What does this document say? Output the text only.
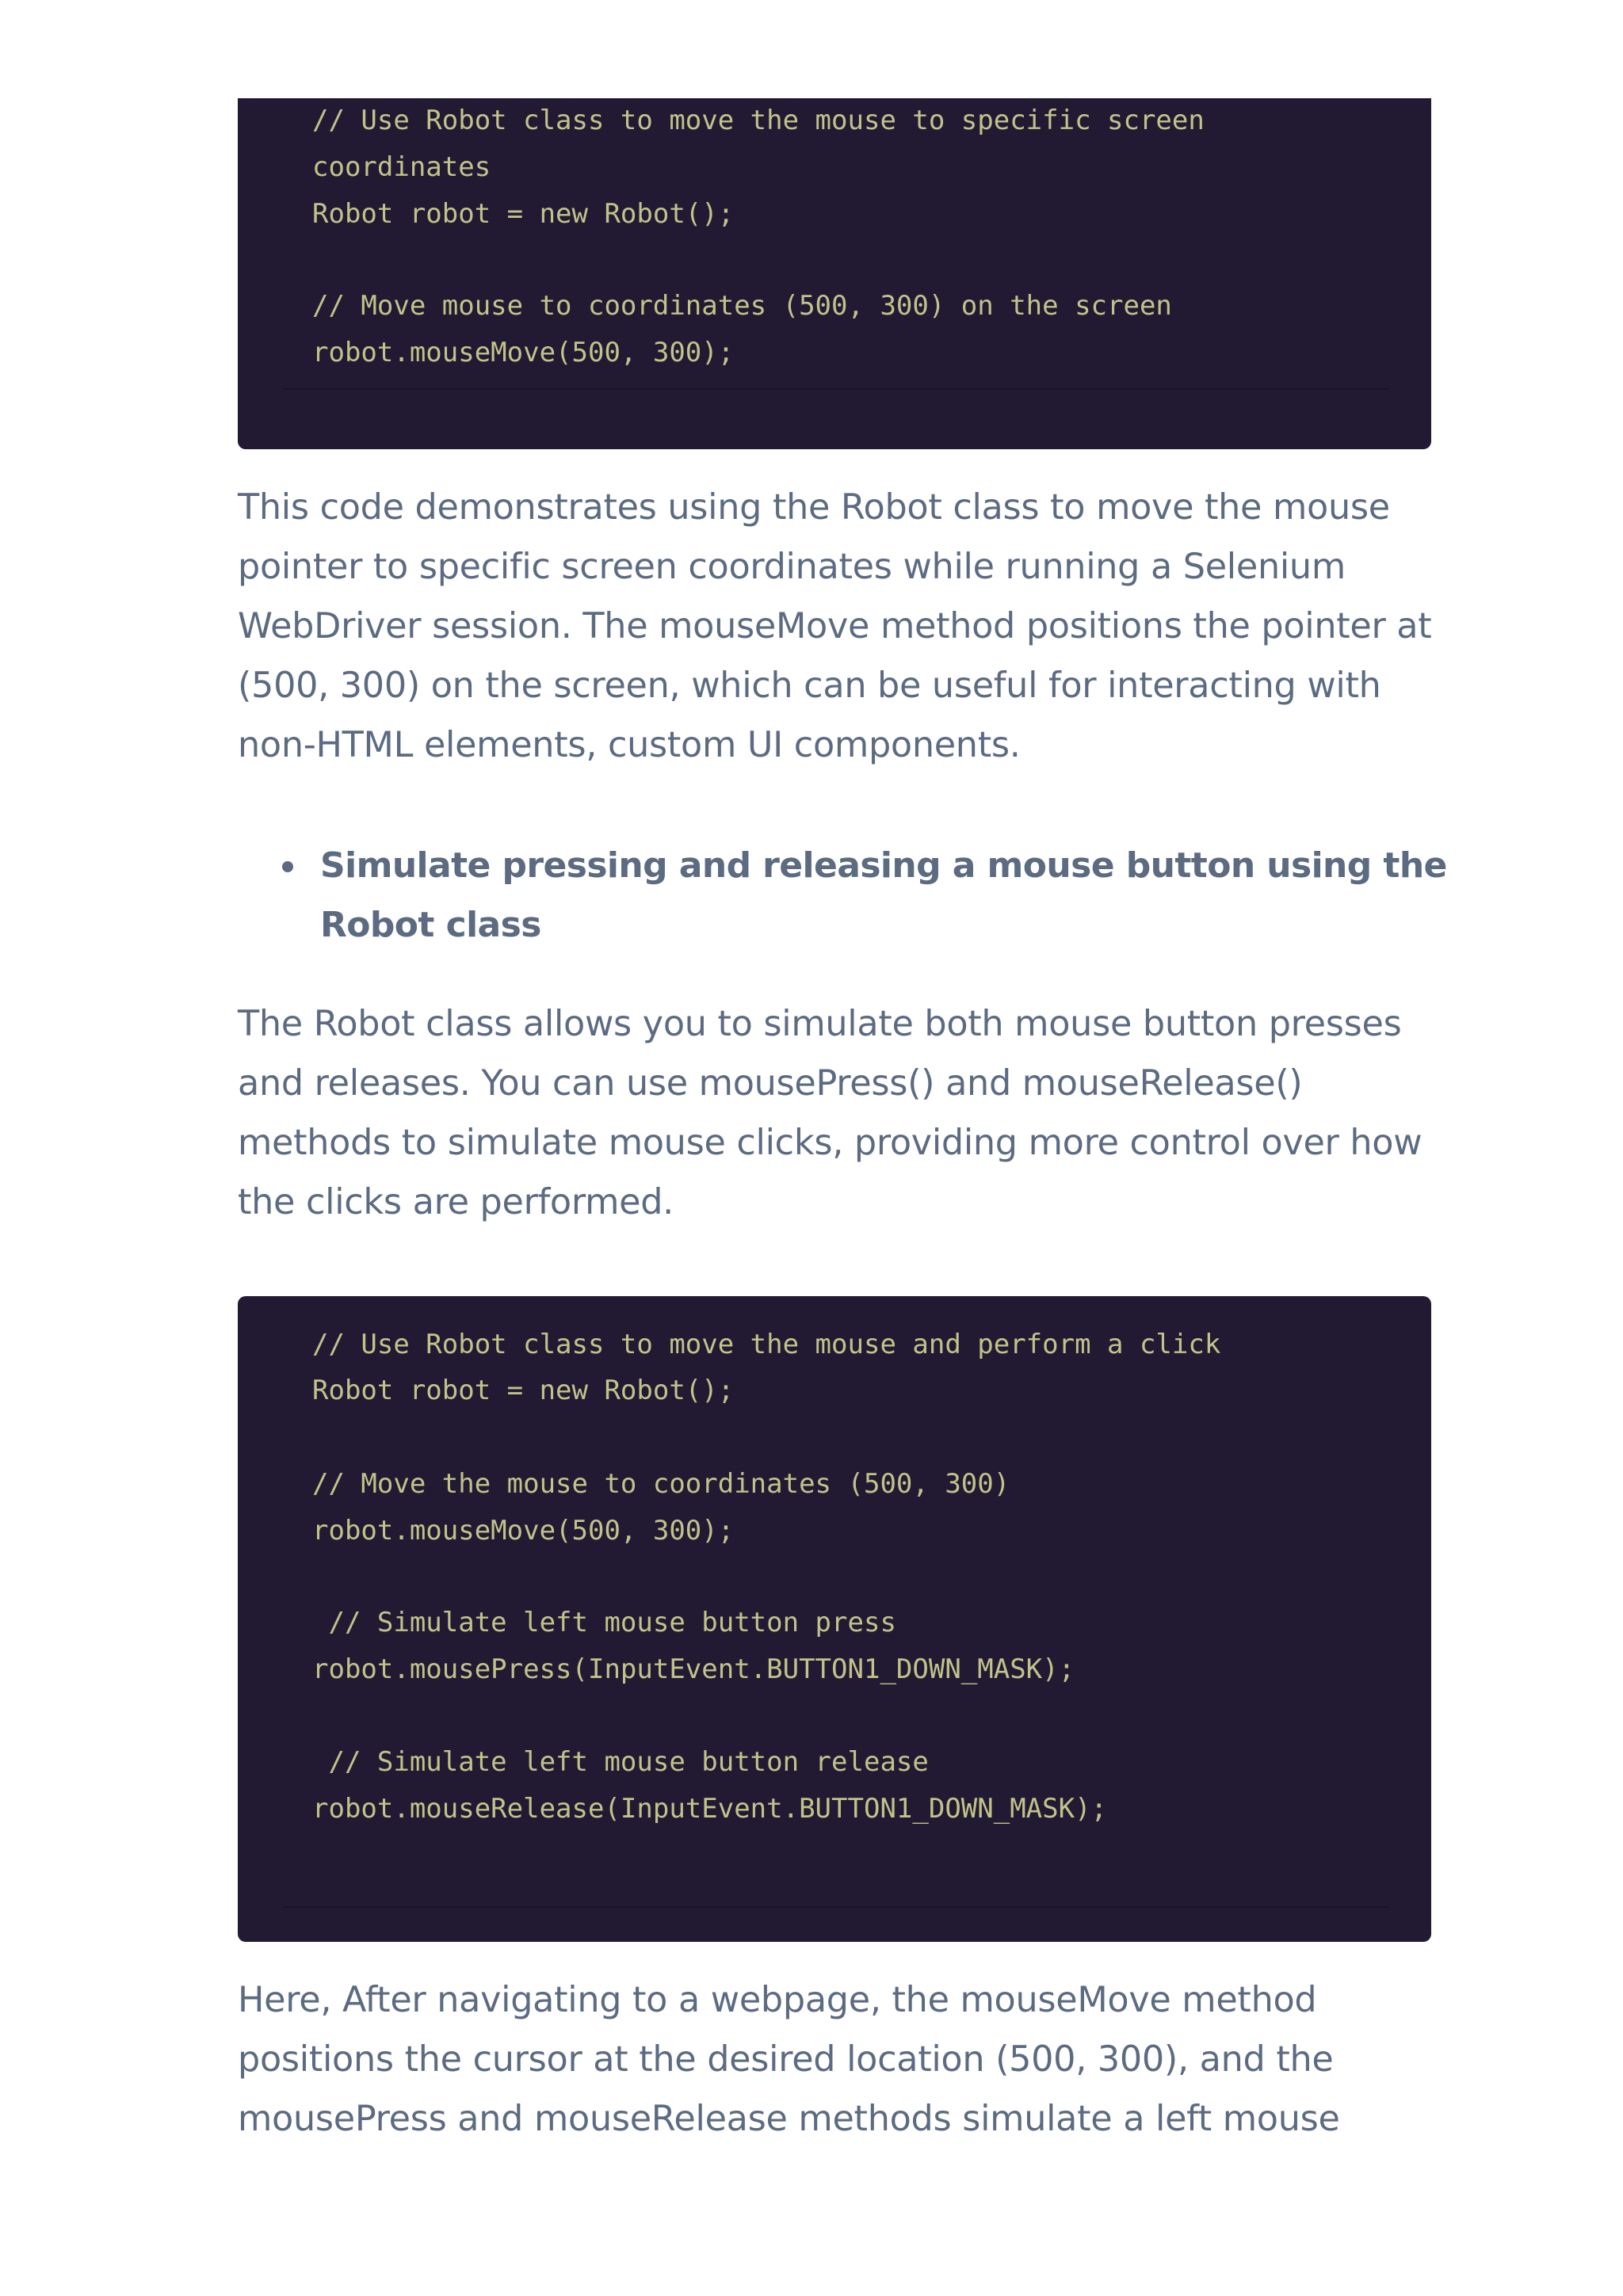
// Use Robot class to move the mouse to specific screen
coordinates
Robot robot = new Robot();
// Move mouse to coordinates (500, 300) on the screen
robot.mouseMove(500, 300);

This code demonstrates using the Robot class to move the mouse
pointer to specific screen coordinates while running a Selenium
WebDriver session. The mouseMove method positions the pointer at
(500, 300) on the screen, which can be useful for interacting with
non-HTML elements, custom UI components.

Simulate pressing and releasing a mouse button using the
Robot class

The Robot class allows you to simulate both mouse button presses
and releases. You can use mousePress() and mouseRelease()
methods to simulate mouse clicks, providing more control over how
the clicks are performed.

// Use Robot class to move the mouse and perform a click
Robot robot = new Robot();
// Move the mouse to coordinates (500, 300)
robot.mouseMove(500, 300);
// Simulate left mouse button press
robot.mousePress(InputEvent.BUTTON1_DOWN_MASK);
// Simulate left mouse button release
robot.mouseRelease(InputEvent.BUTTON1_DOWN_MASK);

Here, After navigating to a webpage, the mouseMove method
positions the cursor at the desired location (500, 300), and the
mousePress and mouseRelease methods simulate a left mouse
